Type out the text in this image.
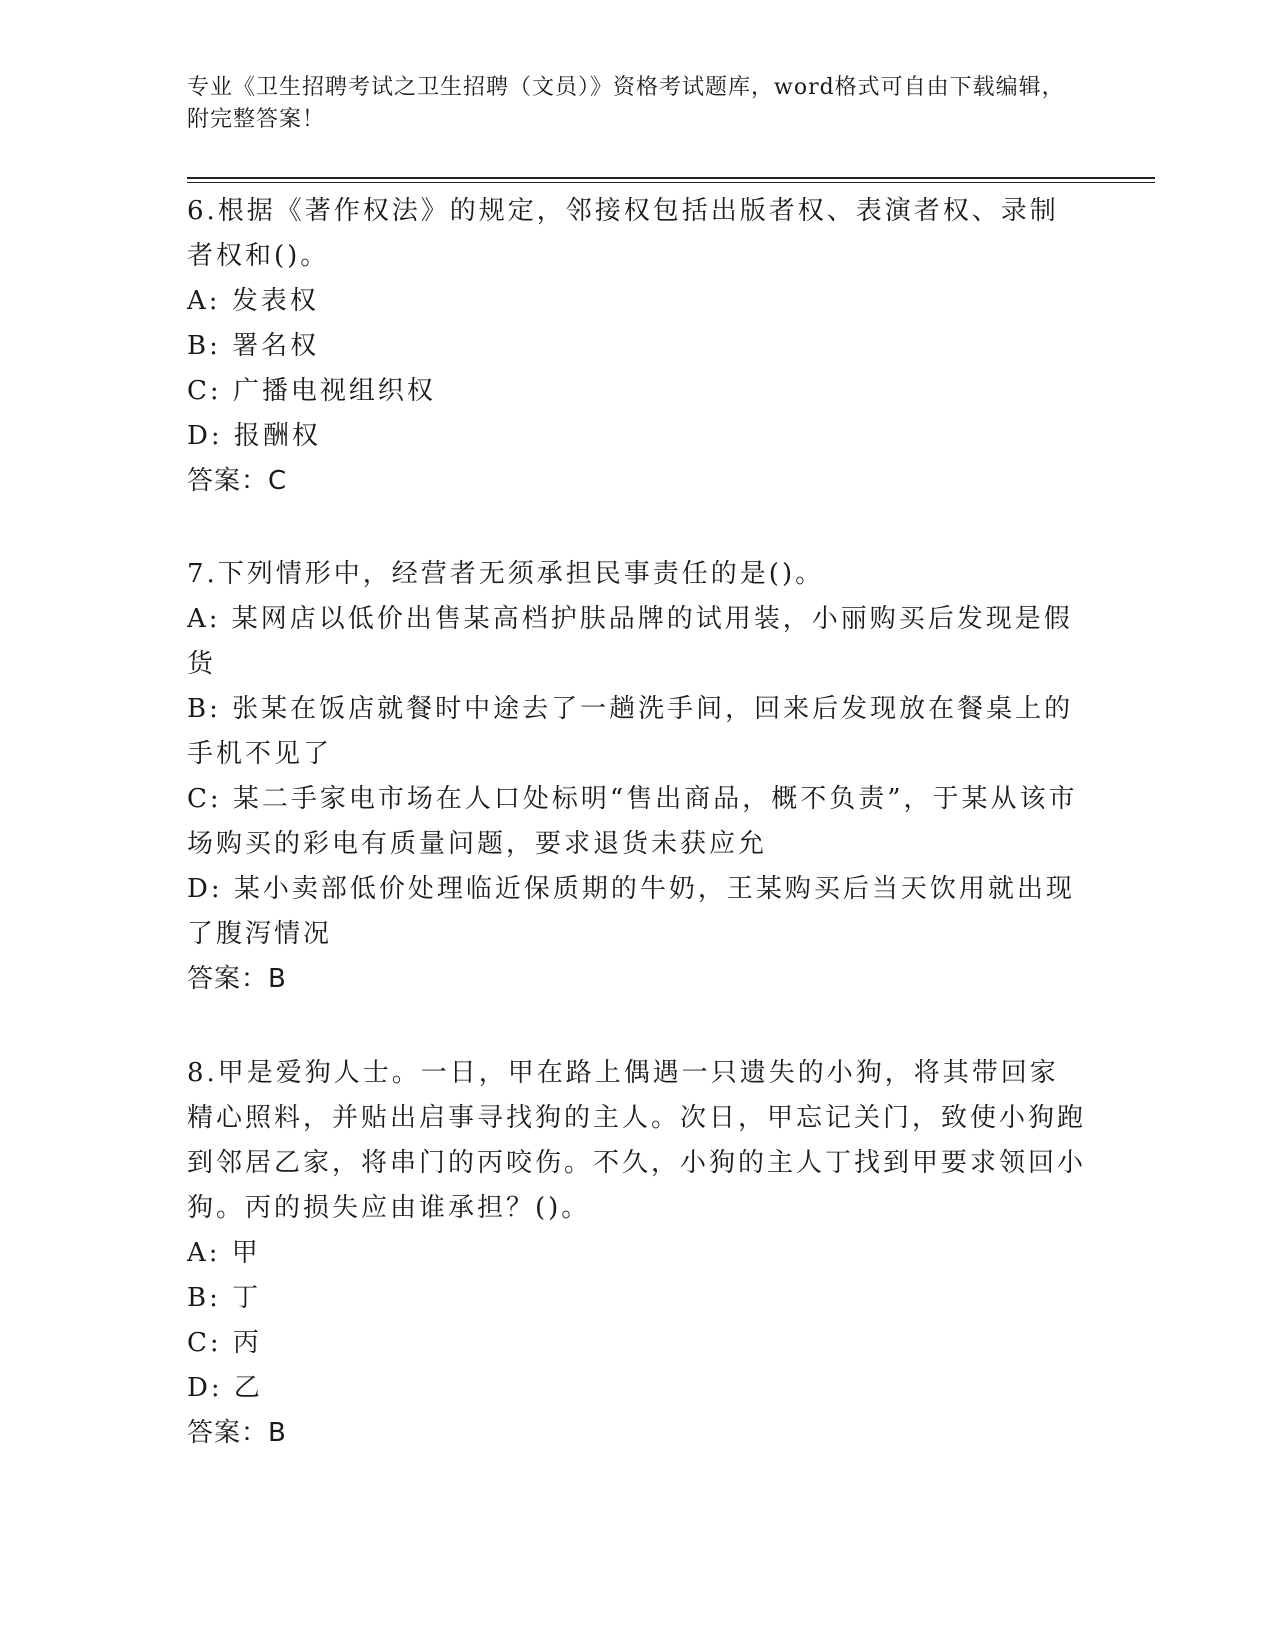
专业《卫生招聘考试之卫生招聘（文员）》资格考试题库，word格式可自由下载编辑，附完整答案！

6.根据《著作权法》的规定，邻接权包括出版者权、表演者权、录制者权和()。

A: 发表权

B: 署名权

C: 广播电视组织权

D: 报酬权

答案：C

7.下列情形中，经营者无须承担民事责任的是()。

A: 某网店以低价出售某高档护肤品牌的试用装，小丽购买后发现是假货

B: 张某在饭店就餐时中途去了一趟洗手间，回来后发现放在餐桌上的手机不见了

C: 某二手家电市场在人口处标明“售出商品，概不负责”，于某从该市场购买的彩电有质量问题，要求退货未获应允

D: 某小卖部低价处理临近保质期的牛奶，王某购买后当天饮用就出现了腹泻情况

答案：B

8.甲是爱狗人士。一日，甲在路上偶遇一只遗失的小狗，将其带回家精心照料，并贴出启事寻找狗的主人。次日，甲忘记关门，致使小狗跑到邻居乙家，将串门的丙咬伤。不久，小狗的主人丁找到甲要求领回小狗。丙的损失应由谁承担？()。

A: 甲

B: 丁

C: 丙

D: 乙

答案：B
